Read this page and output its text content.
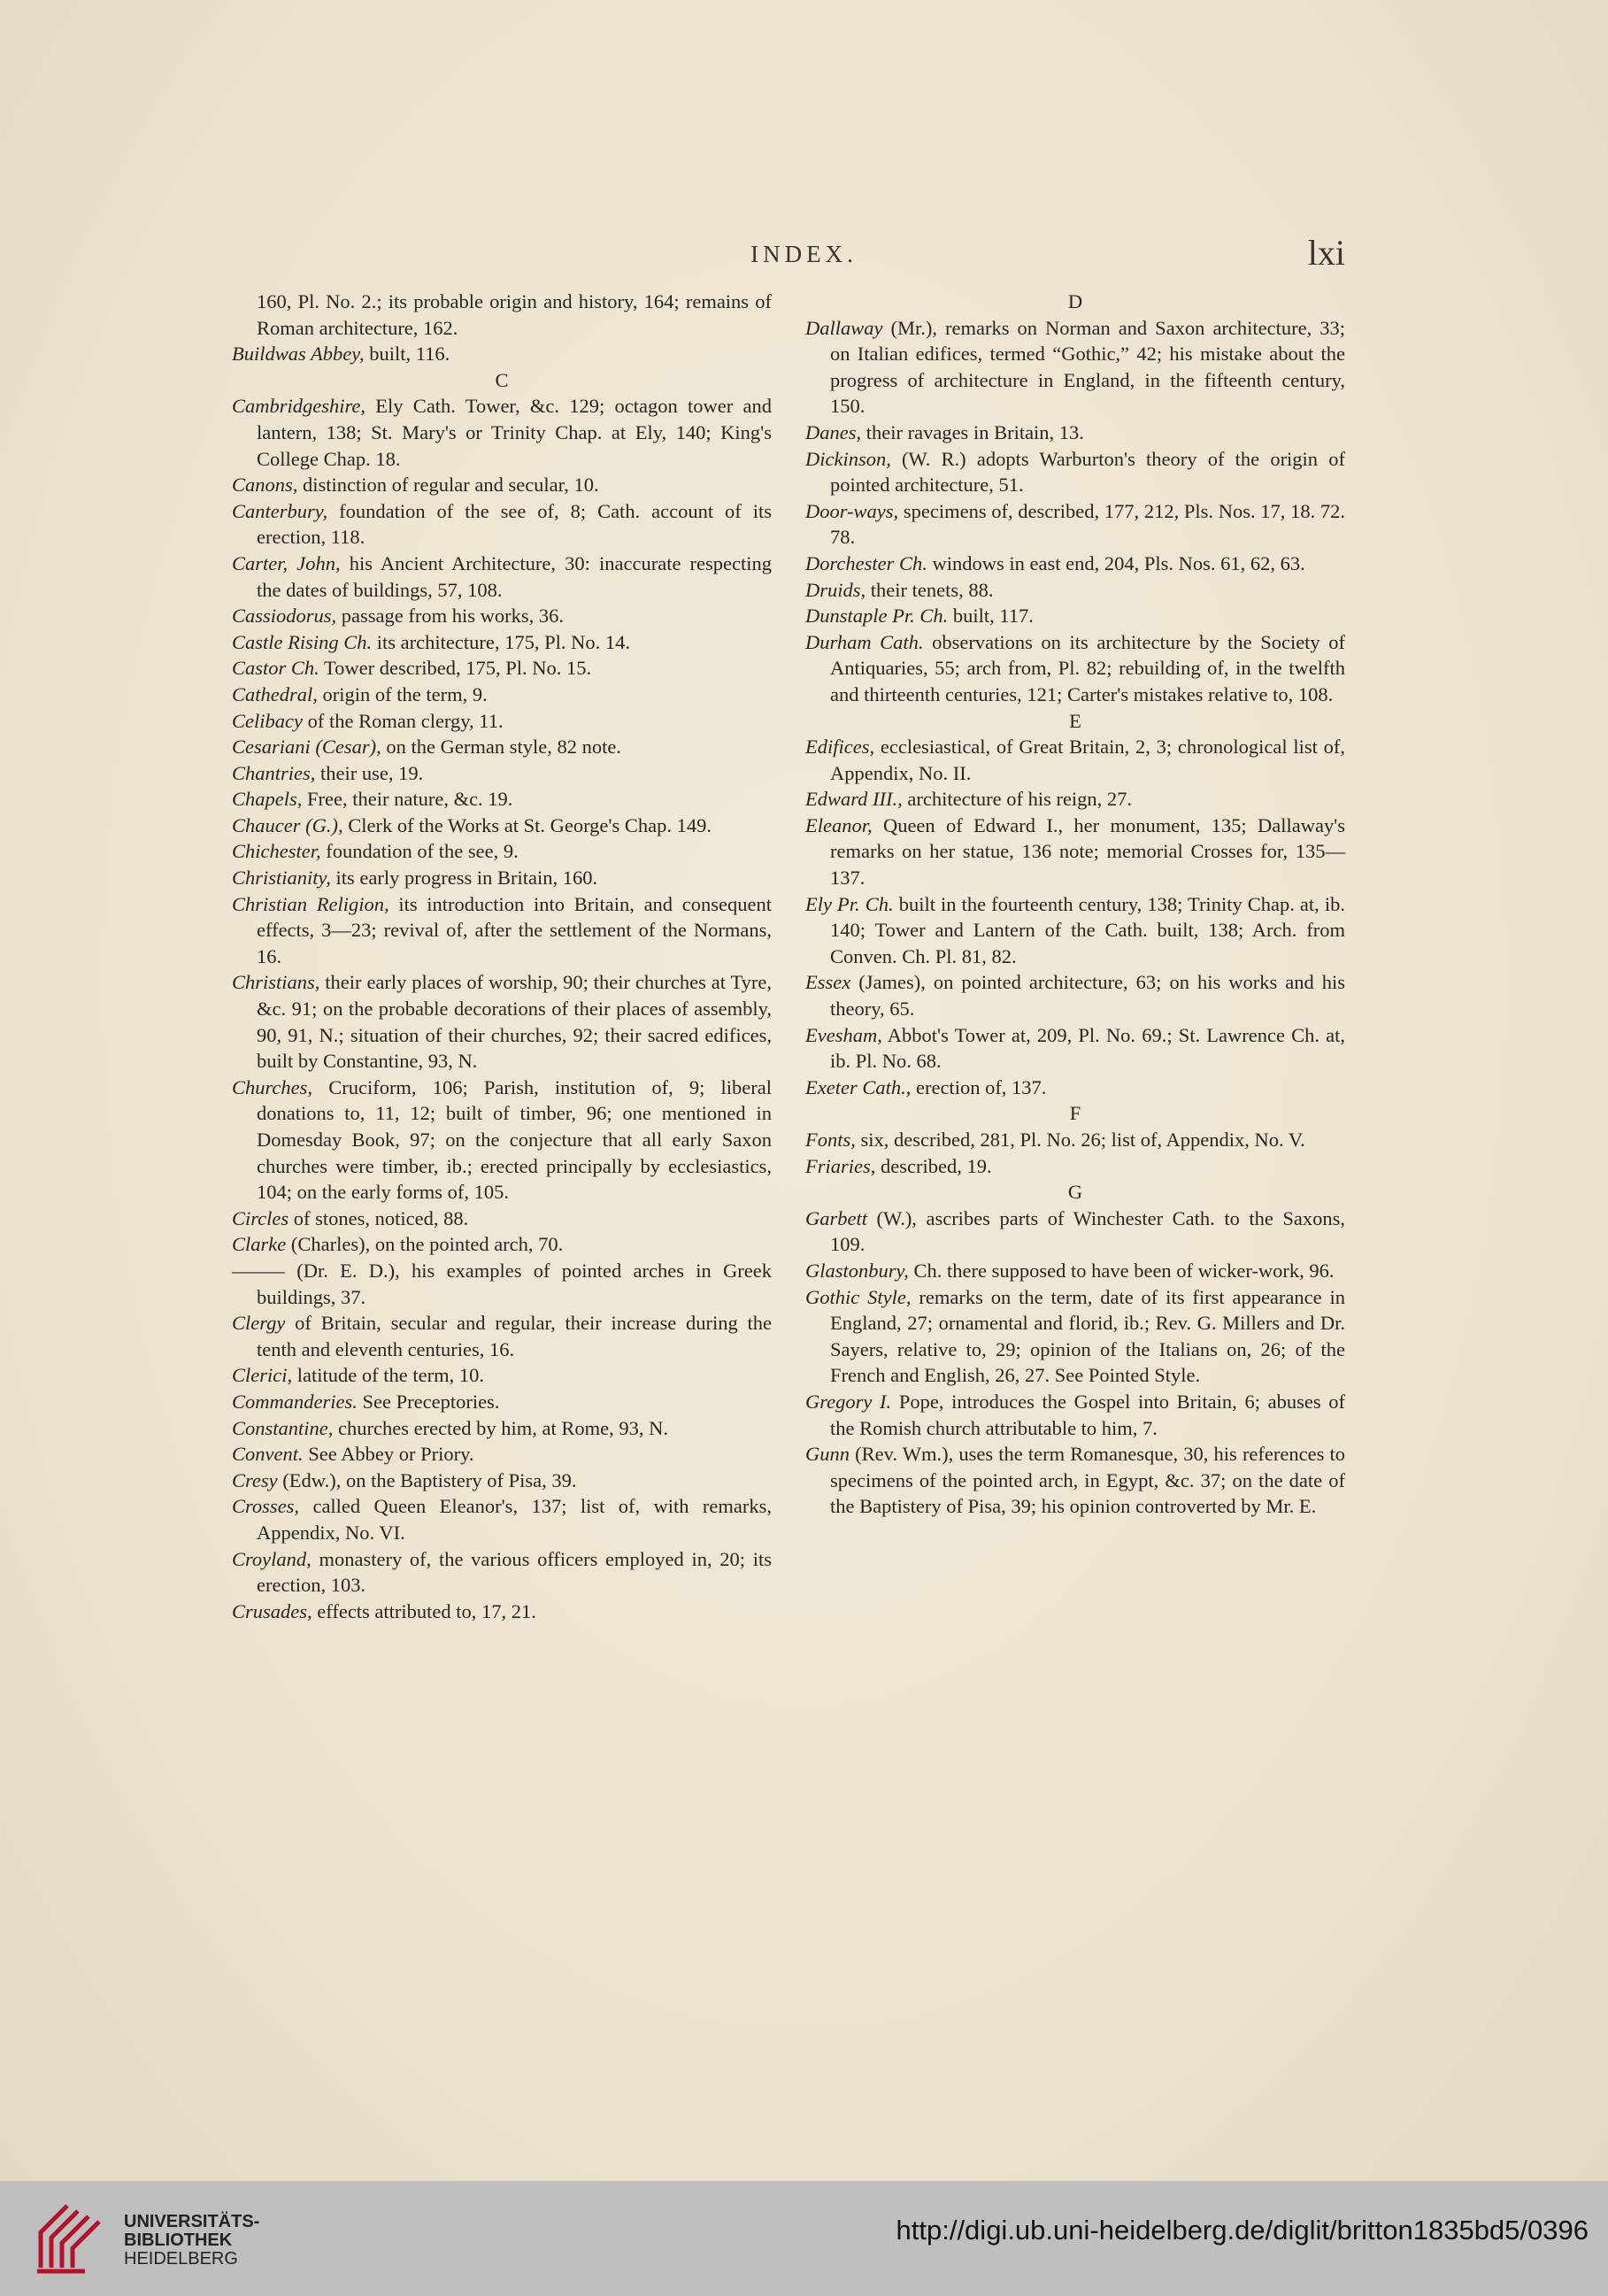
INDEX.	lxi

160, Pl. No. 2.; its probable origin and history, 164; remains of Roman architecture, 162.

Buildwas Abbey, built, 116.

C

Cambridgeshire, Ely Cath. Tower, &c. 129; octagon tower and lantern, 138; St. Mary's or Trinity Chap. at Ely, 140; King's College Chap. 18.

Canons, distinction of regular and secular, 10.

Canterbury, foundation of the see of, 8; Cath. account of its erection, 118.

Carter, John, his Ancient Architecture, 30: inaccurate respecting the dates of buildings, 57, 108.

Cassiodorus, passage from his works, 36.

Castle Rising Ch. its architecture, 175, Pl. No. 14.

Castor Ch. Tower described, 175, Pl. No. 15.

Cathedral, origin of the term, 9.

Celibacy of the Roman clergy, 11.

Cesariani (Cesar), on the German style, 82 note.

Chantries, their use, 19.

Chapels, Free, their nature, &c. 19.

Chaucer (G.), Clerk of the Works at St. George's Chap. 149.

Chichester, foundation of the see, 9.

Christianity, its early progress in Britain, 160.

Christian Religion, its introduction into Britain, and consequent effects, 3—23; revival of, after the settlement of the Normans, 16.

Christians, their early places of worship, 90; their churches at Tyre, &c. 91; on the probable decorations of their places of assembly, 90, 91, N.; situation of their churches, 92; their sacred edifices, built by Constantine, 93, N.

Churches, Cruciform, 106; Parish, institution of, 9; liberal donations to, 11, 12; built of timber, 96; one mentioned in Domesday Book, 97; on the conjecture that all early Saxon churches were timber, ib.; erected principally by ecclesiastics, 104; on the early forms of, 105.

Circles of stones, noticed, 88.

Clarke (Charles), on the pointed arch, 70.

——— (Dr. E. D.), his examples of pointed arches in Greek buildings, 37.

Clergy of Britain, secular and regular, their increase during the tenth and eleventh centuries, 16.

Clerici, latitude of the term, 10.

Commanderies. See Preceptories.

Constantine, churches erected by him, at Rome, 93, N.

Convent. See Abbey or Priory.

Cresy (Edw.), on the Baptistery of Pisa, 39.

Crosses, called Queen Eleanor's, 137; list of, with remarks, Appendix, No. VI.

Croyland, monastery of, the various officers employed in, 20; its erection, 103.

Crusades, effects attributed to, 17, 21.

D

Dallaway (Mr.), remarks on Norman and Saxon architecture, 33; on Italian edifices, termed “Gothic,” 42; his mistake about the progress of architecture in England, in the fifteenth century, 150.

Danes, their ravages in Britain, 13.

Dickinson, (W. R.) adopts Warburton's theory of the origin of pointed architecture, 51.

Door-ways, specimens of, described, 177, 212, Pls. Nos. 17, 18. 72. 78.

Dorchester Ch. windows in east end, 204, Pls. Nos. 61, 62, 63.

Druids, their tenets, 88.

Dunstaple Pr. Ch. built, 117.

Durham Cath. observations on its architecture by the Society of Antiquaries, 55; arch from, Pl. 82; rebuilding of, in the twelfth and thirteenth centuries, 121; Carter's mistakes relative to, 108.

E

Edifices, ecclesiastical, of Great Britain, 2, 3; chronological list of, Appendix, No. II.

Edward III., architecture of his reign, 27.

Eleanor, Queen of Edward I., her monument, 135; Dallaway's remarks on her statue, 136 note; memorial Crosses for, 135—137.

Ely Pr. Ch. built in the fourteenth century, 138; Trinity Chap. at, ib. 140; Tower and Lantern of the Cath. built, 138; Arch. from Conven. Ch. Pl. 81, 82.

Essex (James), on pointed architecture, 63; on his works and his theory, 65.

Evesham, Abbot's Tower at, 209, Pl. No. 69.; St. Lawrence Ch. at, ib. Pl. No. 68.

Exeter Cath., erection of, 137.

F

Fonts, six, described, 281, Pl. No. 26; list of, Appendix, No. V.

Friaries, described, 19.

G

Garbett (W.), ascribes parts of Winchester Cath. to the Saxons, 109.

Glastonbury, Ch. there supposed to have been of wicker-work, 96.

Gothic Style, remarks on the term, date of its first appearance in England, 27; ornamental and florid, ib.; Rev. G. Millers and Dr. Sayers, relative to, 29; opinion of the Italians on, 26; of the French and English, 26, 27. See Pointed Style.

Gregory I. Pope, introduces the Gospel into Britain, 6; abuses of the Romish church attributable to him, 7.

Gunn (Rev. Wm.), uses the term Romanesque, 30, his references to specimens of the pointed arch, in Egypt, &c. 37; on the date of the Baptistery of Pisa, 39; his opinion controverted by Mr. E.

UNIVERSITÄTS-
BIBLIOTHEK
HEIDELBERG
http://digi.ub.uni-heidelberg.de/diglit/britton1835bd5/0396
